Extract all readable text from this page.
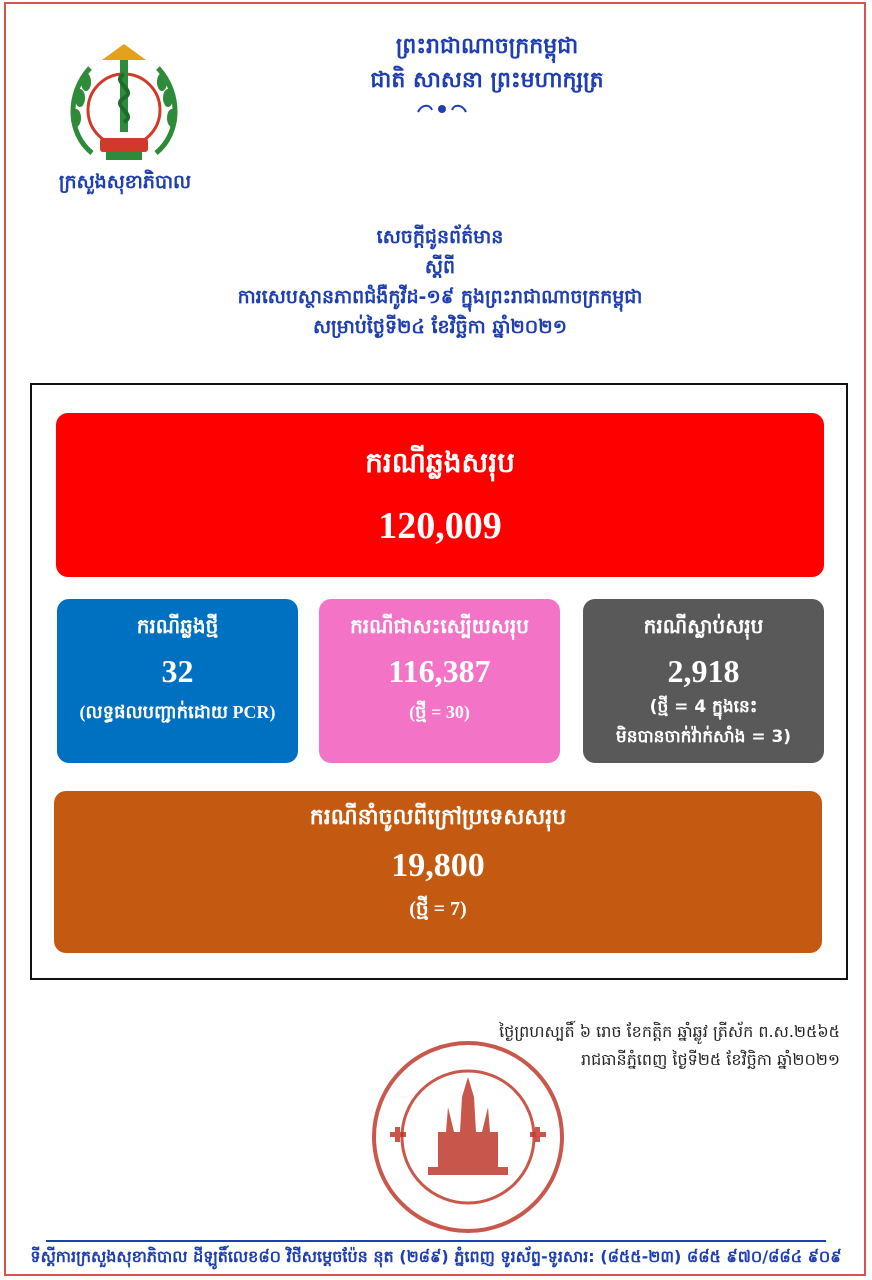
ក្រសួងសុខាភិបាល
ព្រះរាជាណាចក្រកម្ពុជា
ជាតិ សាសនា ព្រះមហាក្សត្រ
សេចក្ដីជូនព័ត៌មាន
ស្ដីពី
ការសេបស្ថានភាពជំងឺកូវីដ-១៩ ក្នុងព្រះរាជាណាចក្រកម្ពុជា
សម្រាប់ថ្ងៃទី២៤ ខែវិច្ឆិកា ឆ្នាំ២០២១
ករណីឆ្លងសរុប
120,009
ករណីឆ្លងថ្មី
32
(លទ្ធផលបញ្ជាក់ដោយ PCR)
ករណីជាសះស្បើយសរុប
116,387
(ថ្មី = 30)
ករណីស្លាប់សរុប
2,918
(ថ្មី = 4 ក្នុងនេះ
មិនបានចាក់វ៉ាក់សាំង = 3)
ករណីនាំចូលពីក្រៅប្រទេសសរុប
19,800
(ថ្មី = 7)
ថ្ងៃព្រហស្បតិ៍ ៦ រោច ខែកត្ដិក ឆ្នាំឆ្លូវ ត្រីស័ក ព.ស.២៥៦៥
រាជធានីភ្នំពេញ ថ្ងៃទី២៥ ខែវិច្ឆិកា ឆ្នាំ២០២១
ទីស្ដីការក្រសួងសុខាភិបាល ដីឡូតិ៍លេខ៨០ វិថីសម្ដេចប៉ែន នុត (២៨៩) ភ្នំពេញ ទូរស័ព្ទ-ទូរសារ: (៨៥៥-២៣) ៨៨៥ ៩៧០/៨៨៤ ៩០៩
